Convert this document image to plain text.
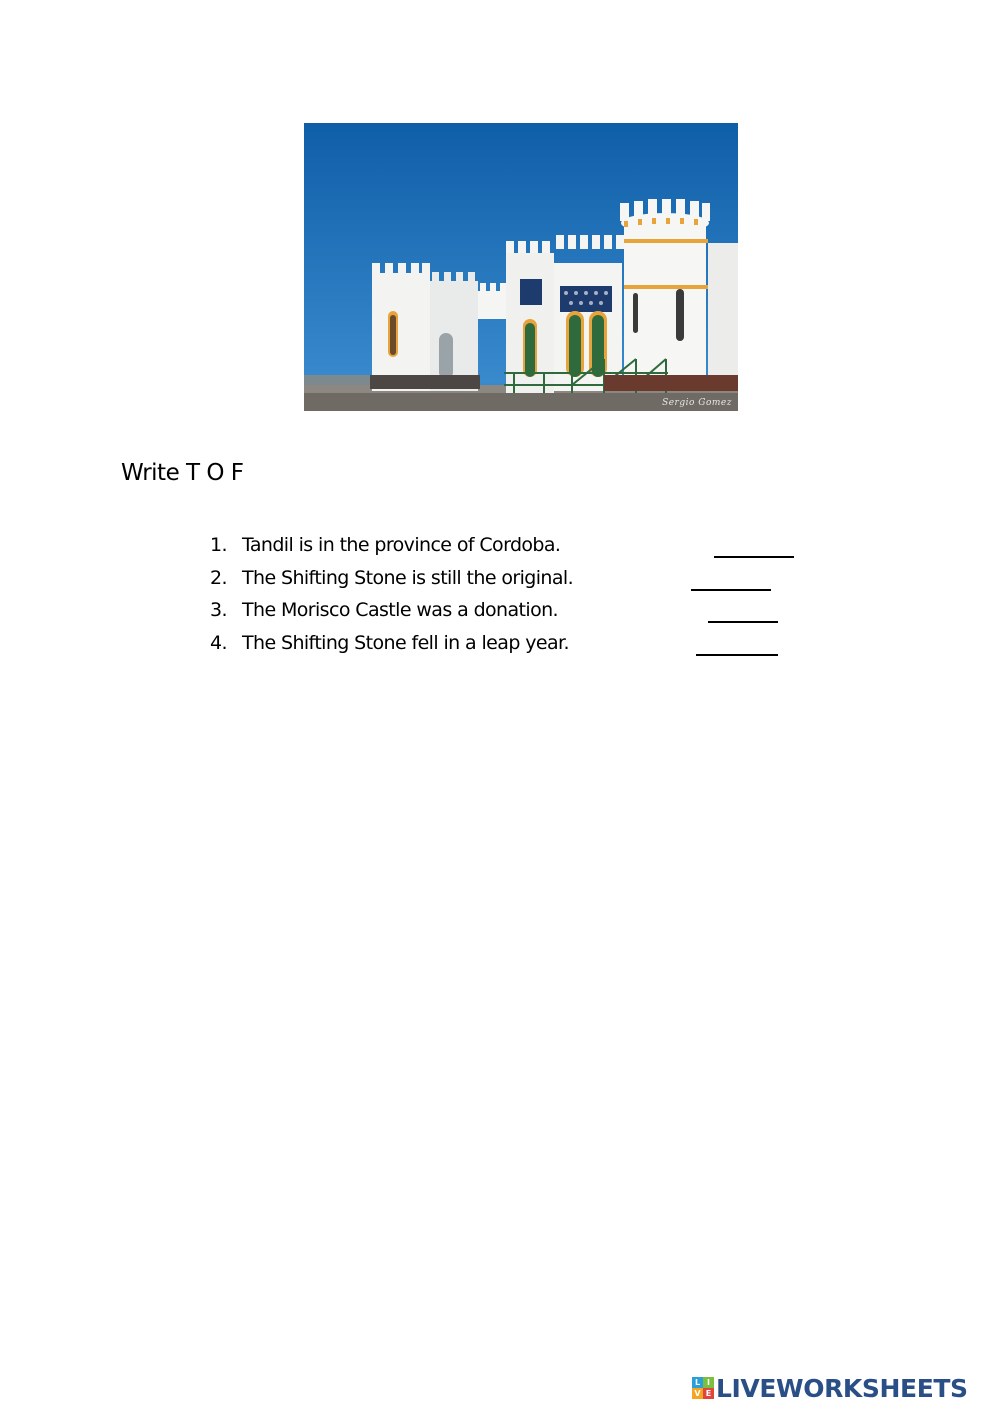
Sergio Gomez
Write T O F
1. Tandil is in the province of Cordoba.
2. The Shifting Stone is still the original.
3. The Morisco Castle was a donation.
4. The Shifting Stone fell in a leap year.
L I
V E LIVEWORKSHEETS
